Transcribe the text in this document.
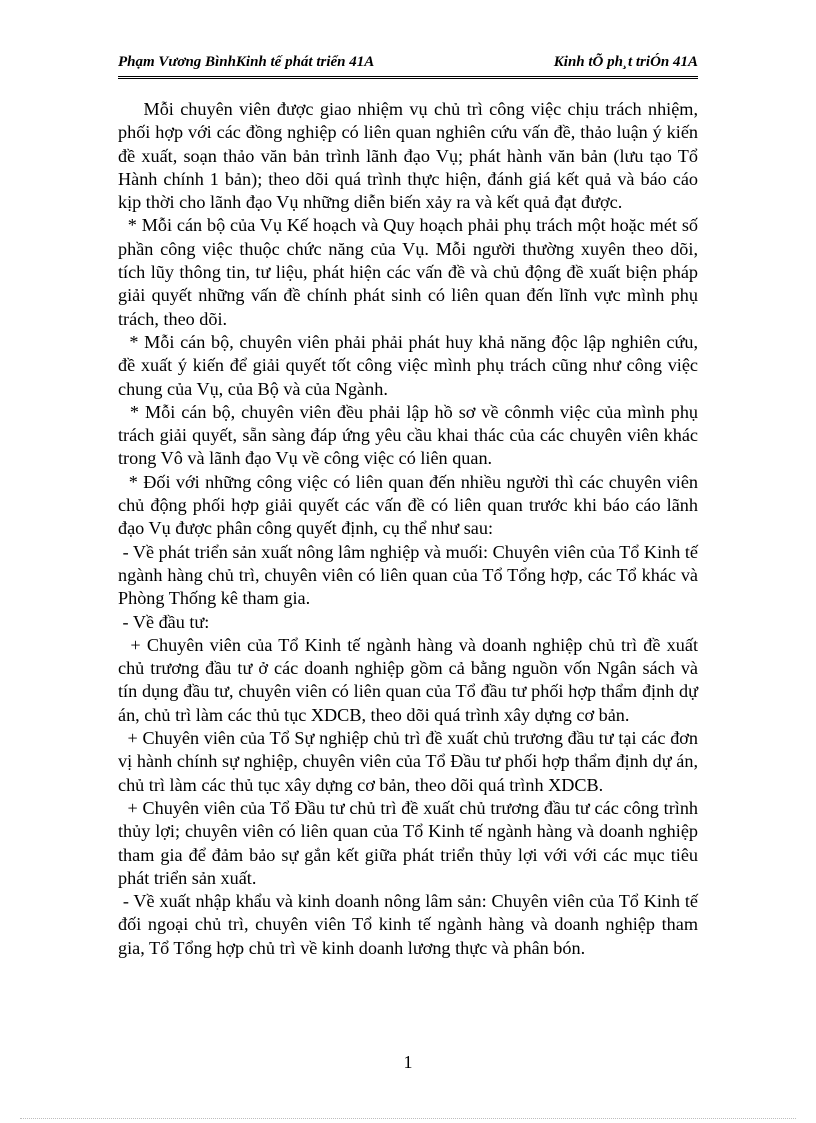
Phạm Vương BìnhKinh tế phát triển 41A	Kinh tÕ ph¸t triÓn 41A

Mỗi chuyên viên được giao nhiệm vụ chủ trì công việc chịu trách nhiệm, phối hợp với các đồng nghiệp có liên quan nghiên cứu vấn đề, thảo luận ý kiến đề xuất, soạn thảo văn bản trình lãnh đạo Vụ; phát hành văn bản (lưu tạo Tổ Hành chính 1 bản); theo dõi quá trình thực hiện, đánh giá kết quả và báo cáo kịp thời cho lãnh đạo Vụ những diễn biến xảy ra và kết quả đạt được.

* Mỗi cán bộ của Vụ Kế hoạch và Quy hoạch phải phụ trách một hoặc mét số phần công việc thuộc chức năng của Vụ. Mỗi người thường xuyên theo dõi, tích lũy thông tin, tư liệu, phát hiện các vấn đề và chủ động đề xuất biện pháp giải quyết những vấn đề chính phát sinh có liên quan đến lĩnh vực mình phụ trách, theo dõi.

* Mỗi cán bộ, chuyên viên phải phải phát huy khả năng độc lập nghiên cứu, đề xuất ý kiến để giải quyết tốt công việc mình phụ trách cũng như công việc chung của Vụ, của Bộ và của Ngành.

* Mỗi cán bộ, chuyên viên đều phải lập hồ sơ về cônmh việc của mình phụ trách giải quyết, sẵn sàng đáp ứng yêu cầu khai thác của các chuyên viên khác trong Vô và lãnh đạo Vụ về công việc có liên quan.

* Đối với những công việc có liên quan đến nhiều người thì các chuyên viên chủ động phối hợp giải quyết các vấn đề có liên quan trước khi báo cáo lãnh đạo Vụ được phân công quyết định, cụ thể như sau:

- Về phát triển sản xuất nông lâm nghiệp và muối: Chuyên viên của Tổ Kinh tế ngành hàng chủ trì, chuyên viên có liên quan của Tổ Tổng hợp, các Tổ khác và Phòng Thống kê tham gia.

- Về đầu tư:

+ Chuyên viên của Tổ Kinh tế ngành hàng và doanh nghiệp chủ trì đề xuất chủ trương đầu tư ở các doanh nghiệp gồm cả bằng nguồn vốn Ngân sách và tín dụng đầu tư, chuyên viên có liên quan của Tổ đầu tư phối hợp thẩm định dự án, chủ trì làm các thủ tục XDCB, theo dõi quá trình xây dựng cơ bản.

+ Chuyên viên của Tổ Sự nghiệp chủ trì đề xuất chủ trương đầu tư tại các đơn vị hành chính sự nghiệp, chuyên viên của Tổ Đầu tư phối hợp thẩm định dự án, chủ trì làm các thủ tục xây dựng cơ bản, theo dõi quá trình XDCB.

+ Chuyên viên của Tổ Đầu tư chủ trì đề xuất chủ trương đầu tư các công trình thủy lợi; chuyên viên có liên quan của Tổ Kinh tế ngành hàng và doanh nghiệp tham gia để đảm bảo sự gắn kết giữa phát triển thủy lợi với với các mục tiêu phát triển sản xuất.

- Về xuất nhập khẩu và kinh doanh nông lâm sản: Chuyên viên của Tổ Kinh tế đối ngoại chủ trì, chuyên viên Tổ kinh tế ngành hàng và doanh nghiệp tham gia, Tổ Tổng hợp chủ trì về kinh doanh lương thực và phân bón.

1
